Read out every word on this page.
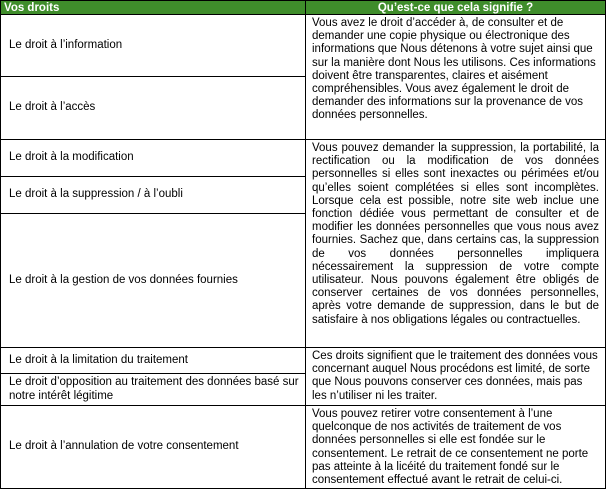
Vos droits	Qu’est-ce que cela signifie ?
Le droit à l’information
Le droit à l’accès
Le droit à la modification
Le droit à la suppression / à l’oubli
Le droit à la gestion de vos données fournies
Le droit à la limitation du traitement
Le droit d’opposition au traitement des données basé sur notre intérêt légitime
Le droit à l’annulation de votre consentement
Vous avez le droit d’accéder à, de consulter et de demander une copie physique ou électronique des informations que Nous détenons à votre sujet ainsi que sur la manière dont Nous les utilisons. Ces informations doivent être transparentes, claires et aisément compréhensibles. Vous avez également le droit de demander des informations sur la provenance de vos données personnelles.
Vous pouvez demander la suppression, la portabilité, la rectification ou la modification de vos données personnelles si elles sont inexactes ou périmées et/ou qu’elles soient complétées si elles sont incomplètes. Lorsque cela est possible, notre site web inclue une fonction dédiée vous permettant de consulter et de modifier les données personnelles que vous nous avez fournies. Sachez que, dans certains cas, la suppression de vos données personnelles impliquera nécessairement la suppression de votre compte utilisateur. Nous pouvons également être obligés de conserver certaines de vos données personnelles, après votre demande de suppression, dans le but de satisfaire à nos obligations légales ou contractuelles.
Ces droits signifient que le traitement des données vous concernant auquel Nous procédons est limité, de sorte que Nous pouvons conserver ces données, mais pas les n’utiliser ni les traiter.
Vous pouvez retirer votre consentement à l’une quelconque de nos activités de traitement de vos données personnelles si elle est fondée sur le consentement. Le retrait de ce consentement ne porte pas atteinte à la licéité du traitement fondé sur le consentement effectué avant le retrait de celui-ci.
